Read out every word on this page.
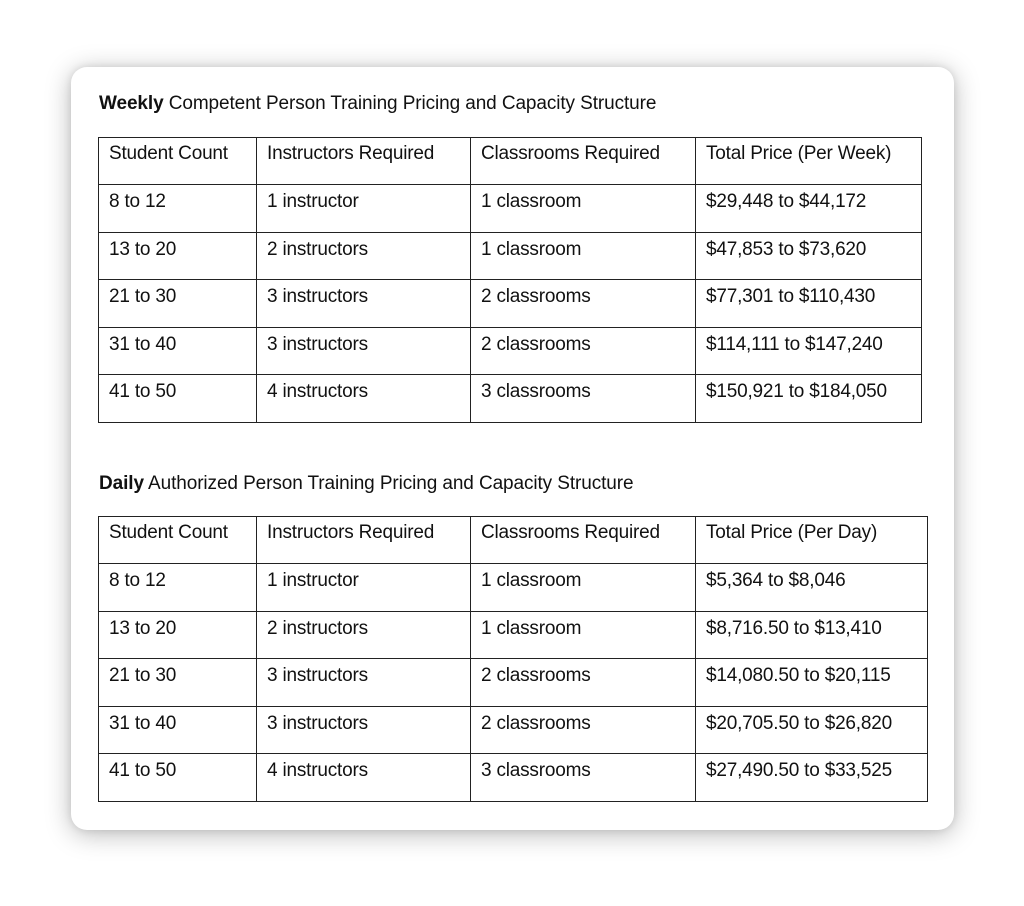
Weekly Competent Person Training Pricing and Capacity Structure
Student Count	Instructors Required	Classrooms Required	Total Price (Per Week)
8 to 12	1 instructor	1 classroom	$29,448 to $44,172
13 to 20	2 instructors	1 classroom	$47,853 to $73,620
21 to 30	3 instructors	2 classrooms	$77,301 to $110,430
31 to 40	3 instructors	2 classrooms	$114,111 to $147,240
41 to 50	4 instructors	3 classrooms	$150,921 to $184,050
Daily Authorized Person Training Pricing and Capacity Structure
Student Count	Instructors Required	Classrooms Required	Total Price (Per Day)
8 to 12	1 instructor	1 classroom	$5,364 to $8,046
13 to 20	2 instructors	1 classroom	$8,716.50 to $13,410
21 to 30	3 instructors	2 classrooms	$14,080.50 to $20,115
31 to 40	3 instructors	2 classrooms	$20,705.50 to $26,820
41 to 50	4 instructors	3 classrooms	$27,490.50 to $33,525
